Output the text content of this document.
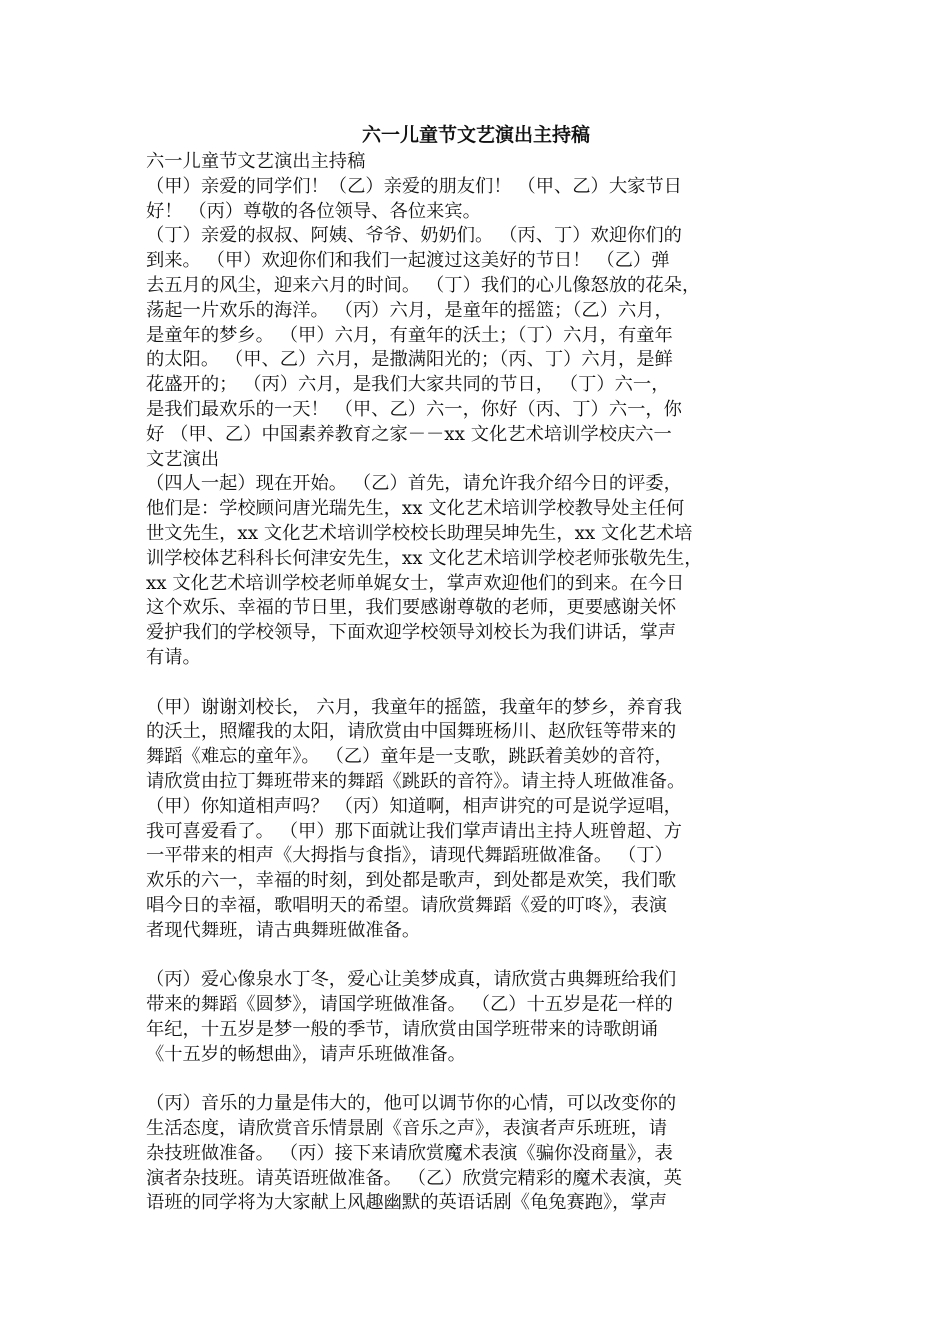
六一儿童节文艺演出主持稿
六一儿童节文艺演出主持稿
（甲）亲爱的同学们！（乙）亲爱的朋友们！ （甲、乙）大家节日
好！ （丙）尊敬的各位领导、各位来宾。
（丁）亲爱的叔叔、阿姨、爷爷、奶奶们。 （丙、丁）欢迎你们的
到来。 （甲）欢迎你们和我们一起渡过这美好的节日！ （乙）弹
去五月的风尘，迎来六月的时间。 （丁）我们的心儿像怒放的花朵，
荡起一片欢乐的海洋。 （丙）六月，是童年的摇篮；（乙）六月，
是童年的梦乡。 （甲）六月，有童年的沃土；（丁）六月，有童年
的太阳。 （甲、乙）六月，是撒满阳光的；（丙、丁）六月，是鲜
花盛开的； （丙）六月，是我们大家共同的节日， （丁）六一，
是我们最欢乐的一天！ （甲、乙）六一，你好（丙、丁）六一，你
好 （甲、乙）中国素养教育之家－－xx 文化艺术培训学校庆六一
文艺演出
（四人一起）现在开始。 （乙）首先，请允许我介绍今日的评委，
他们是：学校顾问唐光瑞先生，xx 文化艺术培训学校教导处主任何
世文先生，xx 文化艺术培训学校校长助理吴坤先生，xx 文化艺术培
训学校体艺科科长何津安先生，xx 文化艺术培训学校老师张敬先生，
xx 文化艺术培训学校老师单娓女士，掌声欢迎他们的到来。在今日
这个欢乐、幸福的节日里，我们要感谢尊敬的老师，更要感谢关怀
爱护我们的学校领导，下面欢迎学校领导刘校长为我们讲话，掌声
有请。
（甲）谢谢刘校长， 六月，我童年的摇篮，我童年的梦乡，养育我
的沃土，照耀我的太阳，请欣赏由中国舞班杨川、赵欣钰等带来的
舞蹈《难忘的童年》。 （乙）童年是一支歌，跳跃着美妙的音符，
请欣赏由拉丁舞班带来的舞蹈《跳跃的音符》。请主持人班做准备。
（甲）你知道相声吗？ （丙）知道啊，相声讲究的可是说学逗唱，
我可喜爱看了。 （甲）那下面就让我们掌声请出主持人班曾超、方
一平带来的相声《大拇指与食指》，请现代舞蹈班做准备。 （丁）
欢乐的六一，幸福的时刻，到处都是歌声，到处都是欢笑，我们歌
唱今日的幸福，歌唱明天的希望。请欣赏舞蹈《爱的叮咚》，表演
者现代舞班，请古典舞班做准备。
（丙）爱心像泉水丁冬，爱心让美梦成真，请欣赏古典舞班给我们
带来的舞蹈《圆梦》，请国学班做准备。 （乙）十五岁是花一样的
年纪，十五岁是梦一般的季节，请欣赏由国学班带来的诗歌朗诵
《十五岁的畅想曲》，请声乐班做准备。
（丙）音乐的力量是伟大的，他可以调节你的心情，可以改变你的
生活态度，请欣赏音乐情景剧《音乐之声》，表演者声乐班班，请
杂技班做准备。 （丙）接下来请欣赏魔术表演《骗你没商量》，表
演者杂技班。请英语班做准备。 （乙）欣赏完精彩的魔术表演，英
语班的同学将为大家献上风趣幽默的英语话剧《龟兔赛跑》，掌声
